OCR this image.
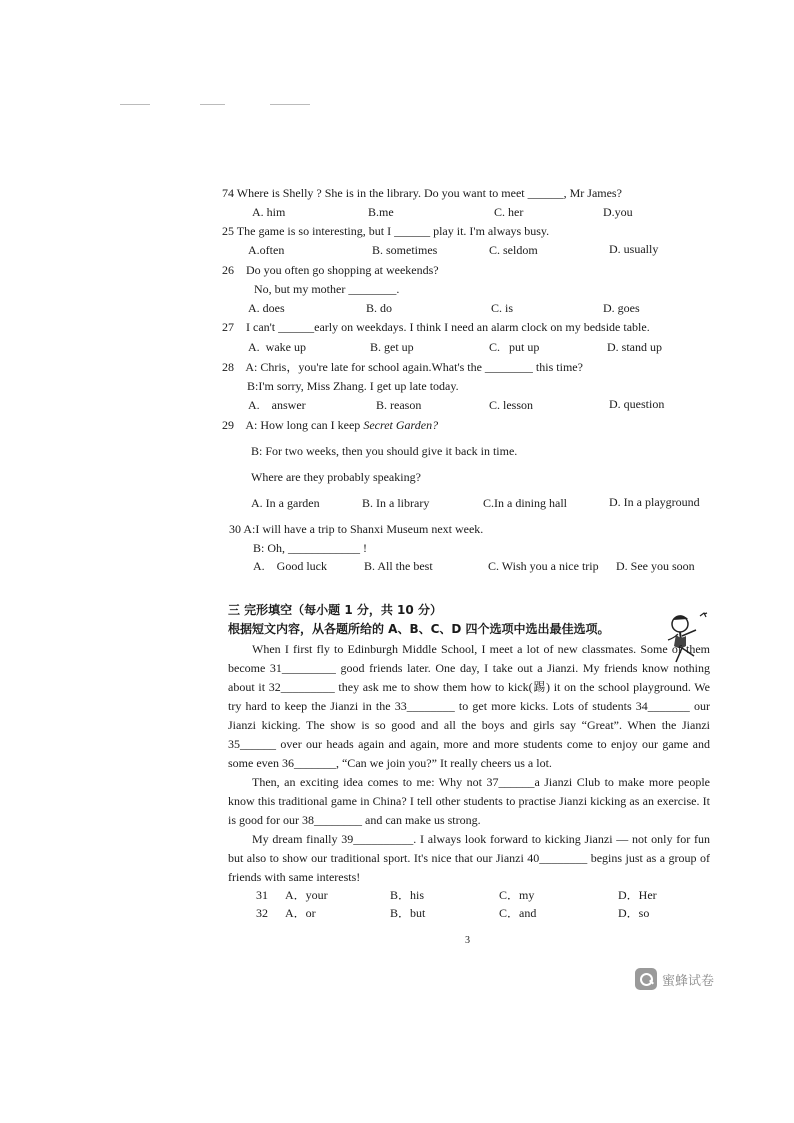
74 Where is Shelly ? She is in the library. Do you want to meet ______, Mr James?
A. him	B.me	C. her	D.you
25 The game is so interesting, but I ______ play it. I'm always busy.
A.often	B. sometimes	C. seldom	D. usually
26    Do you often go shopping at weekends?
No, but my mother ________.
A. does	B. do	C. is	D. goes
27    I can't ______early on weekdays. I think I need an alarm clock on my bedside table.
A.  wake up	B. get up	C.   put up	D. stand up
28    A: Chris，you're late for school again.What's the ________ this time?
B:I'm sorry, Miss Zhang. I get up late today.
A.    answer	B. reason	C. lesson	D. question
29    A: How long can I keep Secret Garden?
B: For two weeks, then you should give it back in time.
Where are they probably speaking?
A. In a garden	B. In a library	C.In a dining hall	D. In a playground
30 A:I will have a trip to Shanxi Museum next week.
B: Oh, ____________ !
A.    Good luck	B. All the best	C. Wish you a nice trip D. See you soon
三 完形填空（每小题 1 分，共 10 分）
根据短文内容，从各题所给的 A、B、C、D 四个选项中选出最佳选项。
When I first fly to Edinburgh Middle School, I meet a lot of new classmates. Some of them become 31_________ good friends later. One day, I take out a Jianzi. My friends know nothing about it 32_________ they ask me to show them how to kick(踢) it on the school playground. We try hard to keep the Jianzi in the 33________ to get more kicks. Lots of students 34_______ our Jianzi kicking. The show is so good and all the boys and girls say “Great”. When the Jianzi 35______ over our heads again and again, more and more students come to enjoy our game and some even 36_______, “Can we join you?” It really cheers us a lot.
Then, an exciting idea comes to me: Why not 37______a Jianzi Club to make more people know this traditional game in China? I tell other students to practise Jianzi kicking as an exercise. It is good for our 38________ and can make us strong.
My dream finally 39__________. I always look forward to kicking Jianzi — not only for fun but also to show our traditional sport. It's nice that our Jianzi 40________ begins just as a group of friends with same interests!
31 A．your	B．his	C．my	D．Her
32 A．or	B．but	C．and	D．so
3
蜜蜂试卷
